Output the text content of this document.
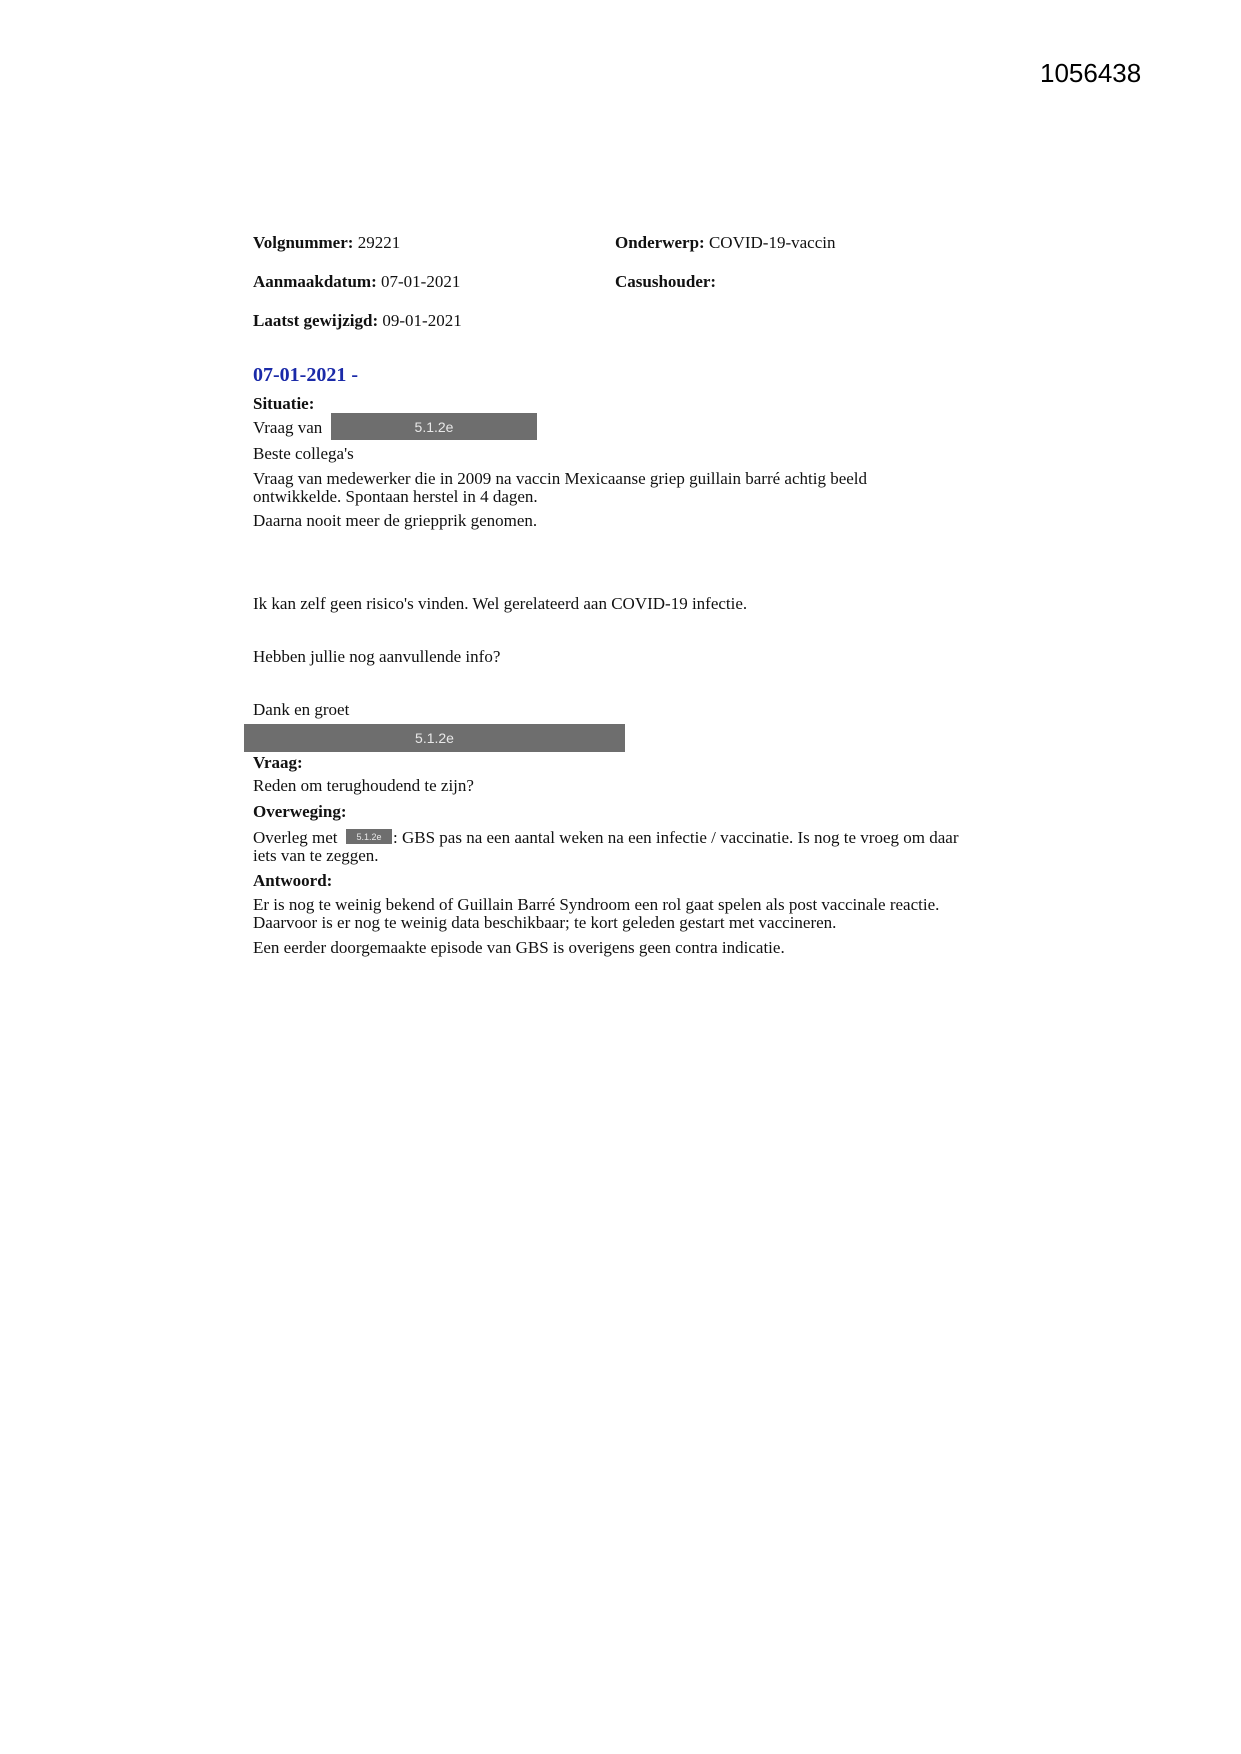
1056438
Volgnummer: 29221	Onderwerp: COVID-19-vaccin
Aanmaakdatum: 07-01-2021	Casushouder:
Laatst gewijzigd: 09-01-2021
07-01-2021 -
Situatie:
Vraag van	5.1.2e
Beste collega's
Vraag van medewerker die in 2009 na vaccin Mexicaanse griep guillain barré achtig beeld
ontwikkelde. Spontaan herstel in 4 dagen.
Daarna nooit meer de griepprik genomen.
Ik kan zelf geen risico's vinden. Wel gerelateerd aan COVID-19 infectie.
Hebben jullie nog aanvullende info?
Dank en groet
5.1.2e
Vraag:
Reden om terughoudend te zijn?
Overweging:
Overleg met	5.1.2e : GBS pas na een aantal weken na een infectie / vaccinatie. Is nog te vroeg om daar
iets van te zeggen.
Antwoord:
Er is nog te weinig bekend of Guillain Barré Syndroom een rol gaat spelen als post vaccinale reactie.
Daarvoor is er nog te weinig data beschikbaar; te kort geleden gestart met vaccineren.
Een eerder doorgemaakte episode van GBS is overigens geen contra indicatie.
